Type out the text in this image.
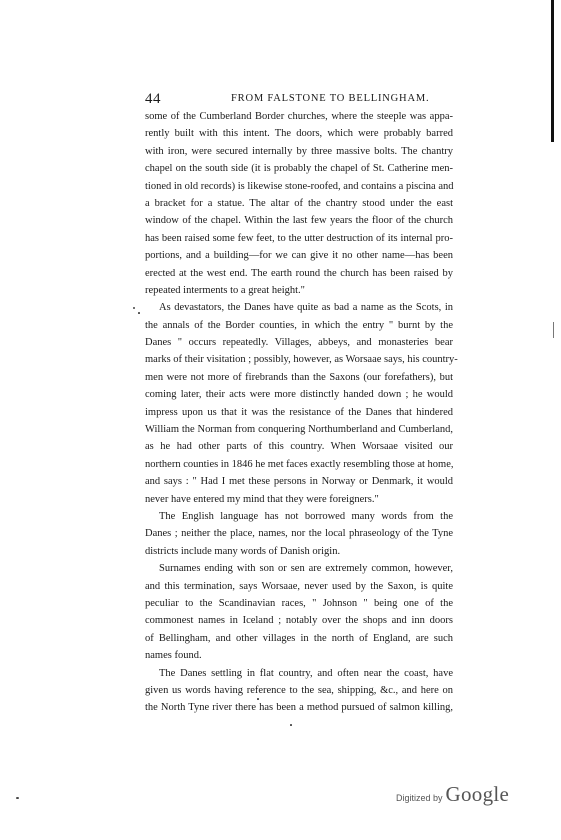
44	FROM FALSTONE TO BELLINGHAM.
some of the Cumberland Border churches, where the steeple was appa-
rently built with this intent. The doors, which were probably barred
with iron, were secured internally by three massive bolts. The chantry
chapel on the south side (it is probably the chapel of St. Catherine men-
tioned in old records) is likewise stone-roofed, and contains a piscina and
a bracket for a statue. The altar of the chantry stood under the east
window of the chapel. Within the last few years the floor of the church
has been raised some few feet, to the utter destruction of its internal pro-
portions, and a building—for we can give it no other name—has been
erected at the west end. The earth round the church has been raised by
repeated interments to a great height."
As devastators, the Danes have quite as bad a name as the Scots, in
the annals of the Border counties, in which the entry " burnt by the
Danes " occurs repeatedly. Villages, abbeys, and monasteries bear
marks of their visitation ; possibly, however, as Worsaae says, his country-
men were not more of firebrands than the Saxons (our forefathers), but
coming later, their acts were more distinctly handed down ; he would
impress upon us that it was the resistance of the Danes that hindered
William the Norman from conquering Northumberland and Cumberland,
as he had other parts of this country. When Worsaae visited our
northern counties in 1846 he met faces exactly resembling those at home,
and says : " Had I met these persons in Norway or Denmark, it would
never have entered my mind that they were foreigners."
The English language has not borrowed many words from the
Danes ; neither the place, names, nor the local phraseology of the Tyne
districts include many words of Danish origin.
Surnames ending with son or sen are extremely common, however,
and this termination, says Worsaae, never used by the Saxon, is quite
peculiar to the Scandinavian races, " Johnson " being one of the
commonest names in Iceland ; notably over the shops and inn doors
of Bellingham, and other villages in the north of England, are such
names found.
The Danes settling in flat country, and often near the coast, have
given us words having reference to the sea, shipping, &c., and here on
the North Tyne river there has been a method pursued of salmon killing,
Digitized by Google
